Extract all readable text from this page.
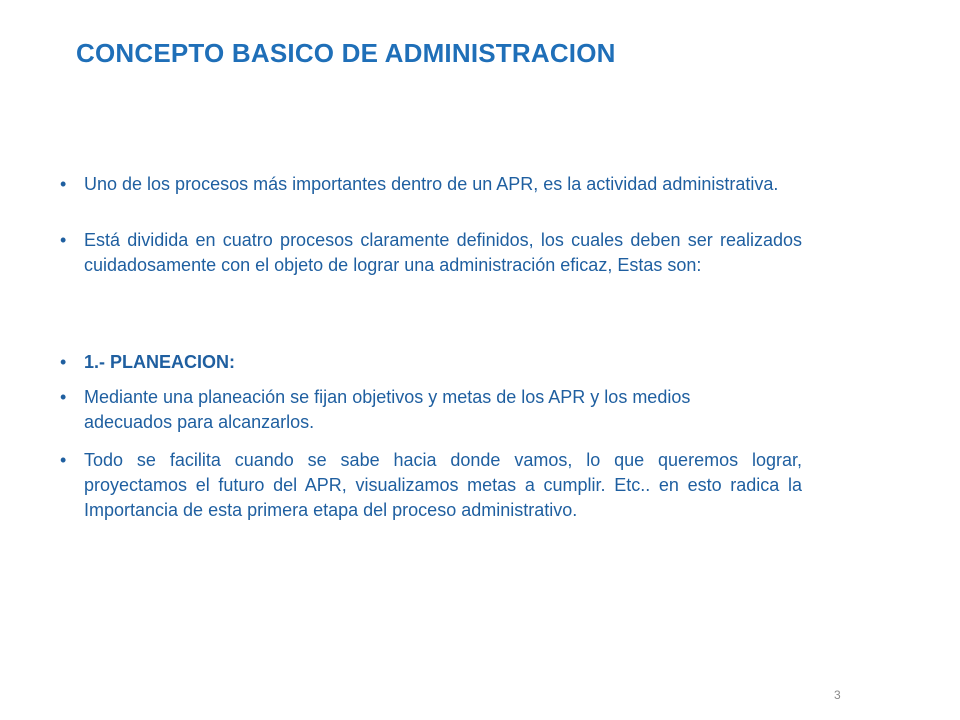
CONCEPTO BASICO DE ADMINISTRACION
• Uno de los procesos más importantes dentro de un APR, es la actividad administrativa.
• Está dividida en cuatro procesos claramente definidos, los cuales deben ser realizados cuidadosamente con el objeto de lograr una administración eficaz, Estas son:
• 1.- PLANEACION:
• Mediante una planeación se fijan objetivos y metas de los APR y los medios adecuados para alcanzarlos.
• Todo se facilita cuando se sabe hacia donde vamos, lo que queremos lograr, proyectamos el futuro del APR, visualizamos metas a cumplir. Etc.. en esto radica la Importancia de esta primera etapa del proceso administrativo.
3
